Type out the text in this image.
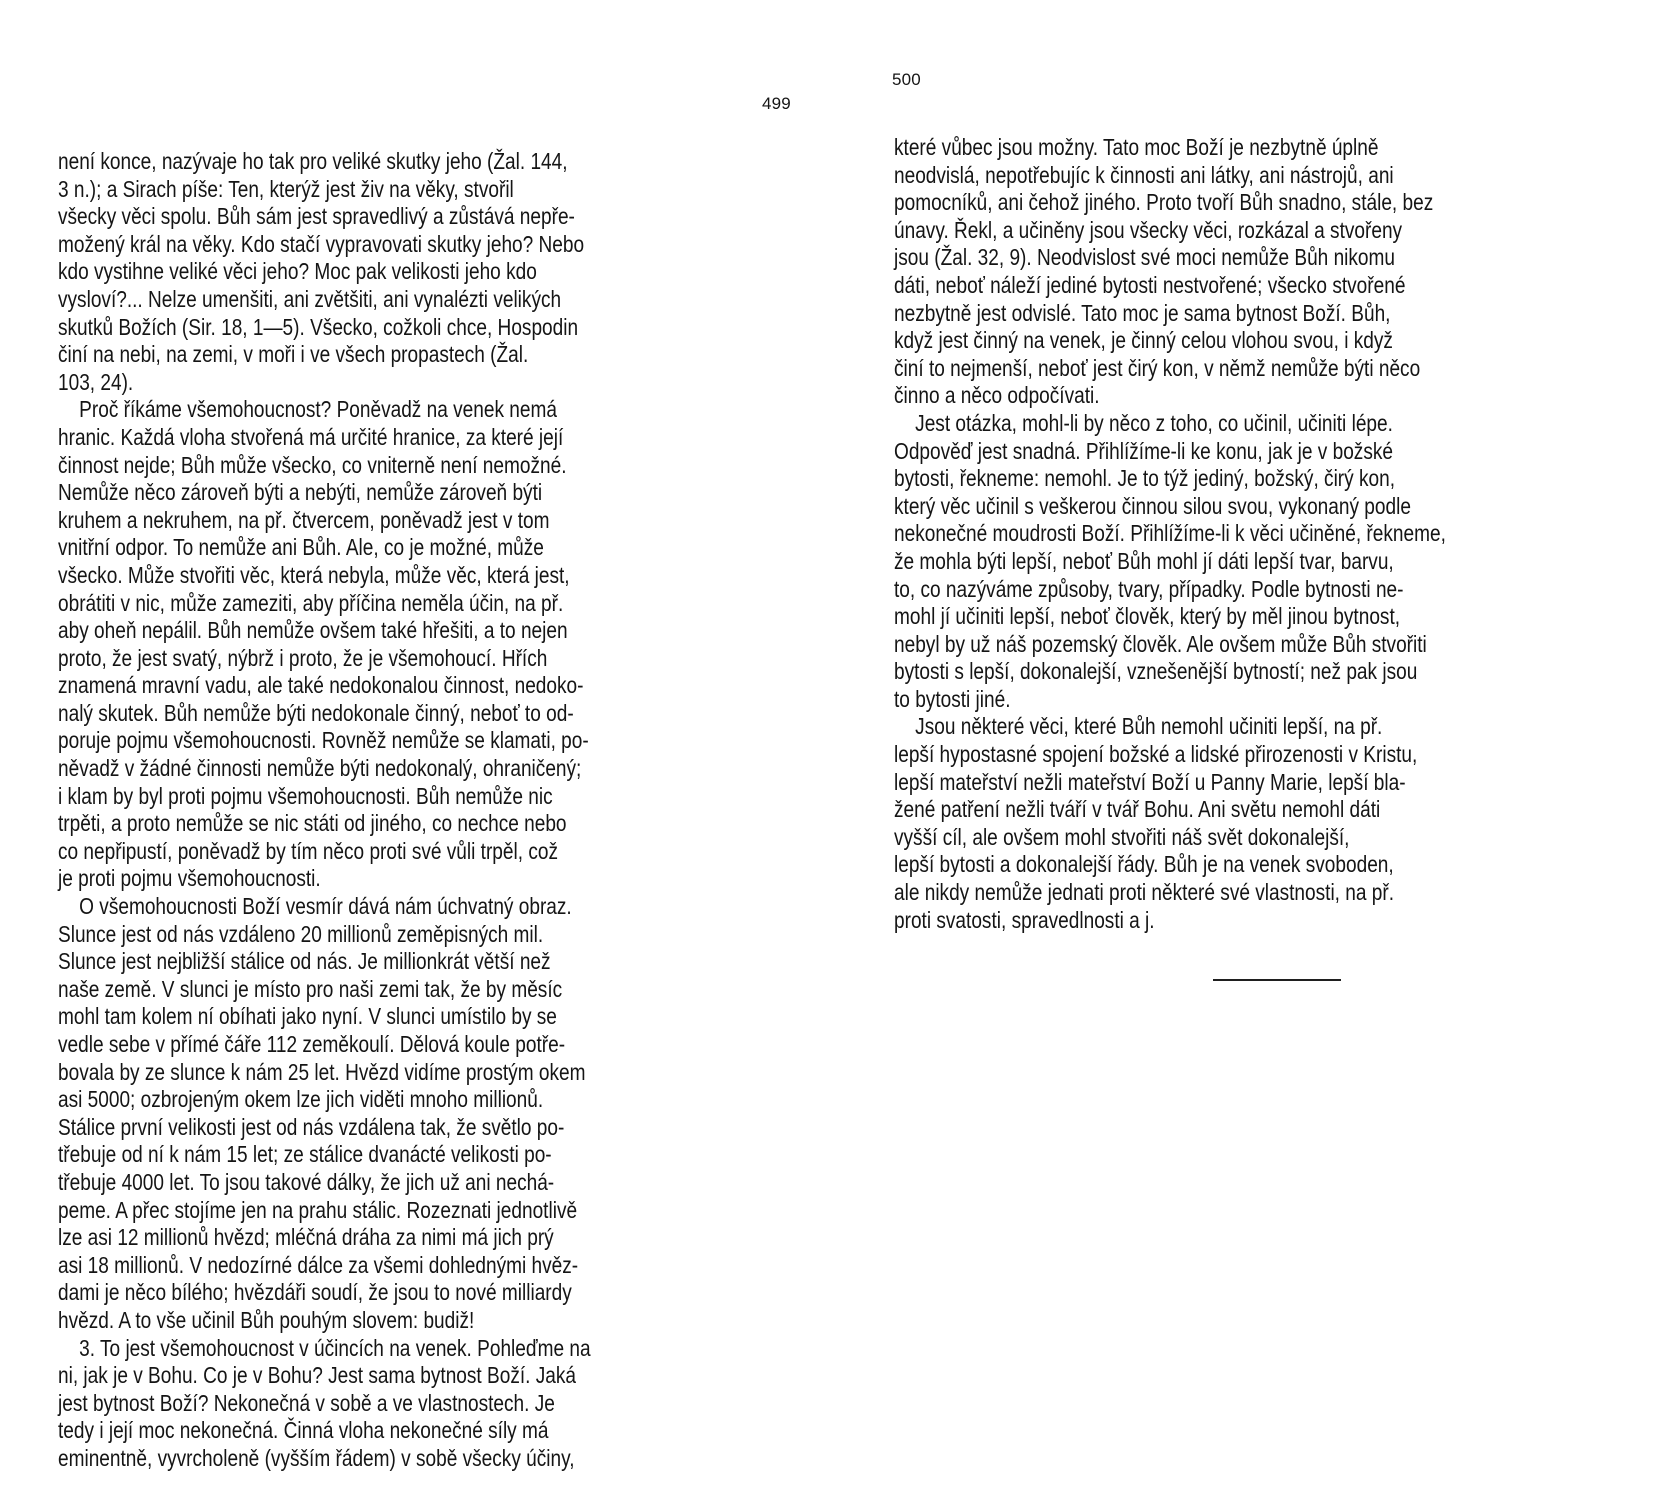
499
není konce, nazývaje ho tak pro veliké skutky jeho (Žal. 144,
3 n.); a Sirach píše: Ten, kterýž jest živ na věky, stvořil
všecky věci spolu. Bůh sám jest spravedlivý a zůstává nepře-
možený král na věky. Kdo stačí vypravovati skutky jeho? Nebo
kdo vystihne veliké věci jeho? Moc pak velikosti jeho kdo
vysloví?... Nelze umenšiti, ani zvětšiti, ani vynalézti velikých
skutků Božích (Sir. 18, 1—5). Všecko, cožkoli chce, Hospodin
činí na nebi, na zemi, v moři i ve všech propastech (Žal.
103, 24).
Proč říkáme všemohoucnost? Poněvadž na venek nemá
hranic. Každá vloha stvořená má určité hranice, za které její
činnost nejde; Bůh může všecko, co vniterně není nemožné.
Nemůže něco zároveň býti a nebýti, nemůže zároveň býti
kruhem a nekruhem, na př. čtvercem, poněvadž jest v tom
vnitřní odpor. To nemůže ani Bůh. Ale, co je možné, může
všecko. Může stvořiti věc, která nebyla, může věc, která jest,
obrátiti v nic, může zameziti, aby příčina neměla účin, na př.
aby oheň nepálil. Bůh nemůže ovšem také hřešiti, a to nejen
proto, že jest svatý, nýbrž i proto, že je všemohoucí. Hřích
znamená mravní vadu, ale také nedokonalou činnost, nedoko-
nalý skutek. Bůh nemůže býti nedokonale činný, neboť to od-
poruje pojmu všemohoucnosti. Rovněž nemůže se klamati, po-
něvadž v žádné činnosti nemůže býti nedokonalý, ohraničený;
i klam by byl proti pojmu všemohoucnosti. Bůh nemůže nic
trpěti, a proto nemůže se nic státi od jiného, co nechce nebo
co nepřipustí, poněvadž by tím něco proti své vůli trpěl, což
je proti pojmu všemohoucnosti.
O všemohoucnosti Boží vesmír dává nám úchvatný obraz.
Slunce jest od nás vzdáleno 20 millionů zeměpisných mil.
Slunce jest nejbližší stálice od nás. Je millionkrát větší než
naše země. V slunci je místo pro naši zemi tak, že by měsíc
mohl tam kolem ní obíhati jako nyní. V slunci umístilo by se
vedle sebe v přímé čáře 112 zeměkoulí. Dělová koule potře-
bovala by ze slunce k nám 25 let. Hvězd vidíme prostým okem
asi 5000; ozbrojeným okem lze jich viděti mnoho millionů.
Stálice první velikosti jest od nás vzdálena tak, že světlo po-
třebuje od ní k nám 15 let; ze stálice dvanácté velikosti po-
třebuje 4000 let. To jsou takové dálky, že jich už ani nechá-
peme. A přec stojíme jen na prahu stálic. Rozeznati jednotlivě
lze asi 12 millionů hvězd; mléčná dráha za nimi má jich prý
asi 18 millionů. V nedozírné dálce za všemi dohlednými hvěz-
dami je něco bílého; hvězdáři soudí, že jsou to nové milliardy
hvězd. A to vše učinil Bůh pouhým slovem: budiž!
3. To jest všemohoucnost v účincích na venek. Pohleďme na
ni, jak je v Bohu. Co je v Bohu? Jest sama bytnost Boží. Jaká
jest bytnost Boží? Nekonečná v sobě a ve vlastnostech. Je
tedy i její moc nekonečná. Činná vloha nekonečné síly má
eminentně, vyvrcholeně (vyšším řádem) v sobě všecky účiny,
500
které vůbec jsou možny. Tato moc Boží je nezbytně úplně
neodvislá, nepotřebujíc k činnosti ani látky, ani nástrojů, ani
pomocníků, ani čehož jiného. Proto tvoří Bůh snadno, stále, bez
únavy. Řekl, a učiněny jsou všecky věci, rozkázal a stvořeny
jsou (Žal. 32, 9). Neodvislost své moci nemůže Bůh nikomu
dáti, neboť náleží jediné bytosti nestvořené; všecko stvořené
nezbytně jest odvislé. Tato moc je sama bytnost Boží. Bůh,
když jest činný na venek, je činný celou vlohou svou, i když
činí to nejmenší, neboť jest čirý kon, v němž nemůže býti něco
činno a něco odpočívati.
Jest otázka, mohl-li by něco z toho, co učinil, učiniti lépe.
Odpověď jest snadná. Přihlížíme-li ke konu, jak je v božské
bytosti, řekneme: nemohl. Je to týž jediný, božský, čirý kon,
který věc učinil s veškerou činnou silou svou, vykonaný podle
nekonečné moudrosti Boží. Přihlížíme-li k věci učiněné, řekneme,
že mohla býti lepší, neboť Bůh mohl jí dáti lepší tvar, barvu,
to, co nazýváme způsoby, tvary, případky. Podle bytnosti ne-
mohl jí učiniti lepší, neboť člověk, který by měl jinou bytnost,
nebyl by už náš pozemský člověk. Ale ovšem může Bůh stvořiti
bytosti s lepší, dokonalejší, vznešenější bytností; než pak jsou
to bytosti jiné.
Jsou některé věci, které Bůh nemohl učiniti lepší, na př.
lepší hypostasné spojení božské a lidské přirozenosti v Kristu,
lepší mateřství nežli mateřství Boží u Panny Marie, lepší bla-
žené patření nežli tváří v tvář Bohu. Ani světu nemohl dáti
vyšší cíl, ale ovšem mohl stvořiti náš svět dokonalejší,
lepší bytosti a dokonalejší řády. Bůh je na venek svoboden,
ale nikdy nemůže jednati proti některé své vlastnosti, na př.
proti svatosti, spravedlnosti a j.
